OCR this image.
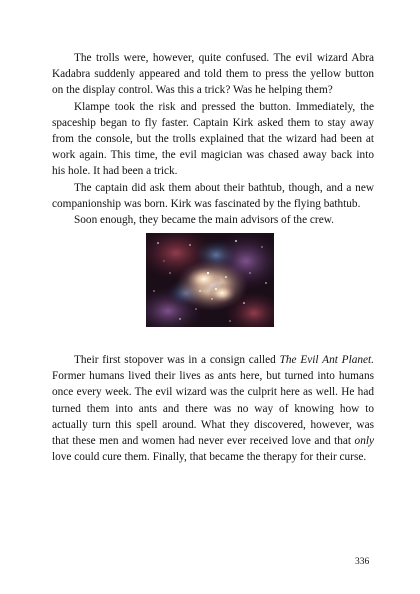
The trolls were, however, quite confused. The evil wizard Abra Kadabra suddenly appeared and told them to press the yellow button on the display control. Was this a trick? Was he helping them?

Klampe took the risk and pressed the button. Immediately, the spaceship began to fly faster. Captain Kirk asked them to stay away from the console, but the trolls explained that the wizard had been at work again. This time, the evil magician was chased away back into his hole. It had been a trick.

The captain did ask them about their bathtub, though, and a new companionship was born. Kirk was fascinated by the flying bathtub.

Soon enough, they became the main advisors of the crew.

Their first stopover was in a consign called The Evil Ant Planet. Former humans lived their lives as ants here, but turned into humans once every week. The evil wizard was the culprit here as well. He had turned them into ants and there was no way of knowing how to actually turn this spell around. What they discovered, however, was that these men and women had never ever received love and that only love could cure them. Finally, that became the therapy for their curse.

336
